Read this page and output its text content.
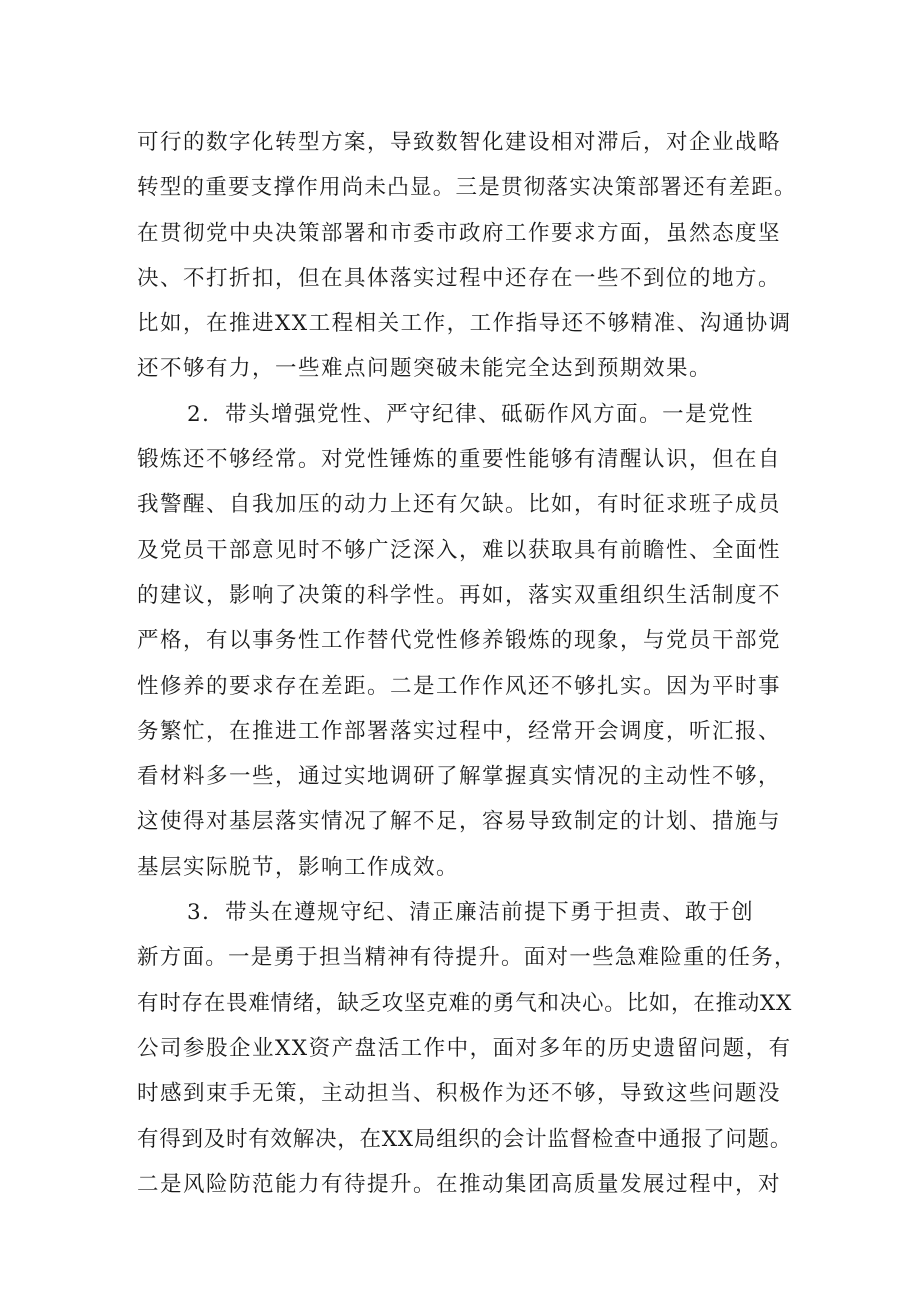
可行的数字化转型方案，导致数智化建设相对滞后，对企业战略
转型的重要支撑作用尚未凸显。三是贯彻落实决策部署还有差距。
在贯彻党中央决策部署和市委市政府工作要求方面，虽然态度坚
决、不打折扣，但在具体落实过程中还存在一些不到位的地方。
比如，在推进XX工程相关工作，工作指导还不够精准、沟通协调
还不够有力，一些难点问题突破未能完全达到预期效果。
2．带头增强党性、严守纪律、砥砺作风方面。一是党性
锻炼还不够经常。对党性锤炼的重要性能够有清醒认识，但在自
我警醒、自我加压的动力上还有欠缺。比如，有时征求班子成员
及党员干部意见时不够广泛深入，难以获取具有前瞻性、全面性
的建议，影响了决策的科学性。再如，落实双重组织生活制度不
严格，有以事务性工作替代党性修养锻炼的现象，与党员干部党
性修养的要求存在差距。二是工作作风还不够扎实。因为平时事
务繁忙，在推进工作部署落实过程中，经常开会调度，听汇报、
看材料多一些，通过实地调研了解掌握真实情况的主动性不够，
这使得对基层落实情况了解不足，容易导致制定的计划、措施与
基层实际脱节，影响工作成效。
3．带头在遵规守纪、清正廉洁前提下勇于担责、敢于创
新方面。一是勇于担当精神有待提升。面对一些急难险重的任务，
有时存在畏难情绪，缺乏攻坚克难的勇气和决心。比如，在推动XX
公司参股企业XX资产盘活工作中，面对多年的历史遗留问题，有
时感到束手无策，主动担当、积极作为还不够，导致这些问题没
有得到及时有效解决，在XX局组织的会计监督检查中通报了问题。
二是风险防范能力有待提升。在推动集团高质量发展过程中，对
